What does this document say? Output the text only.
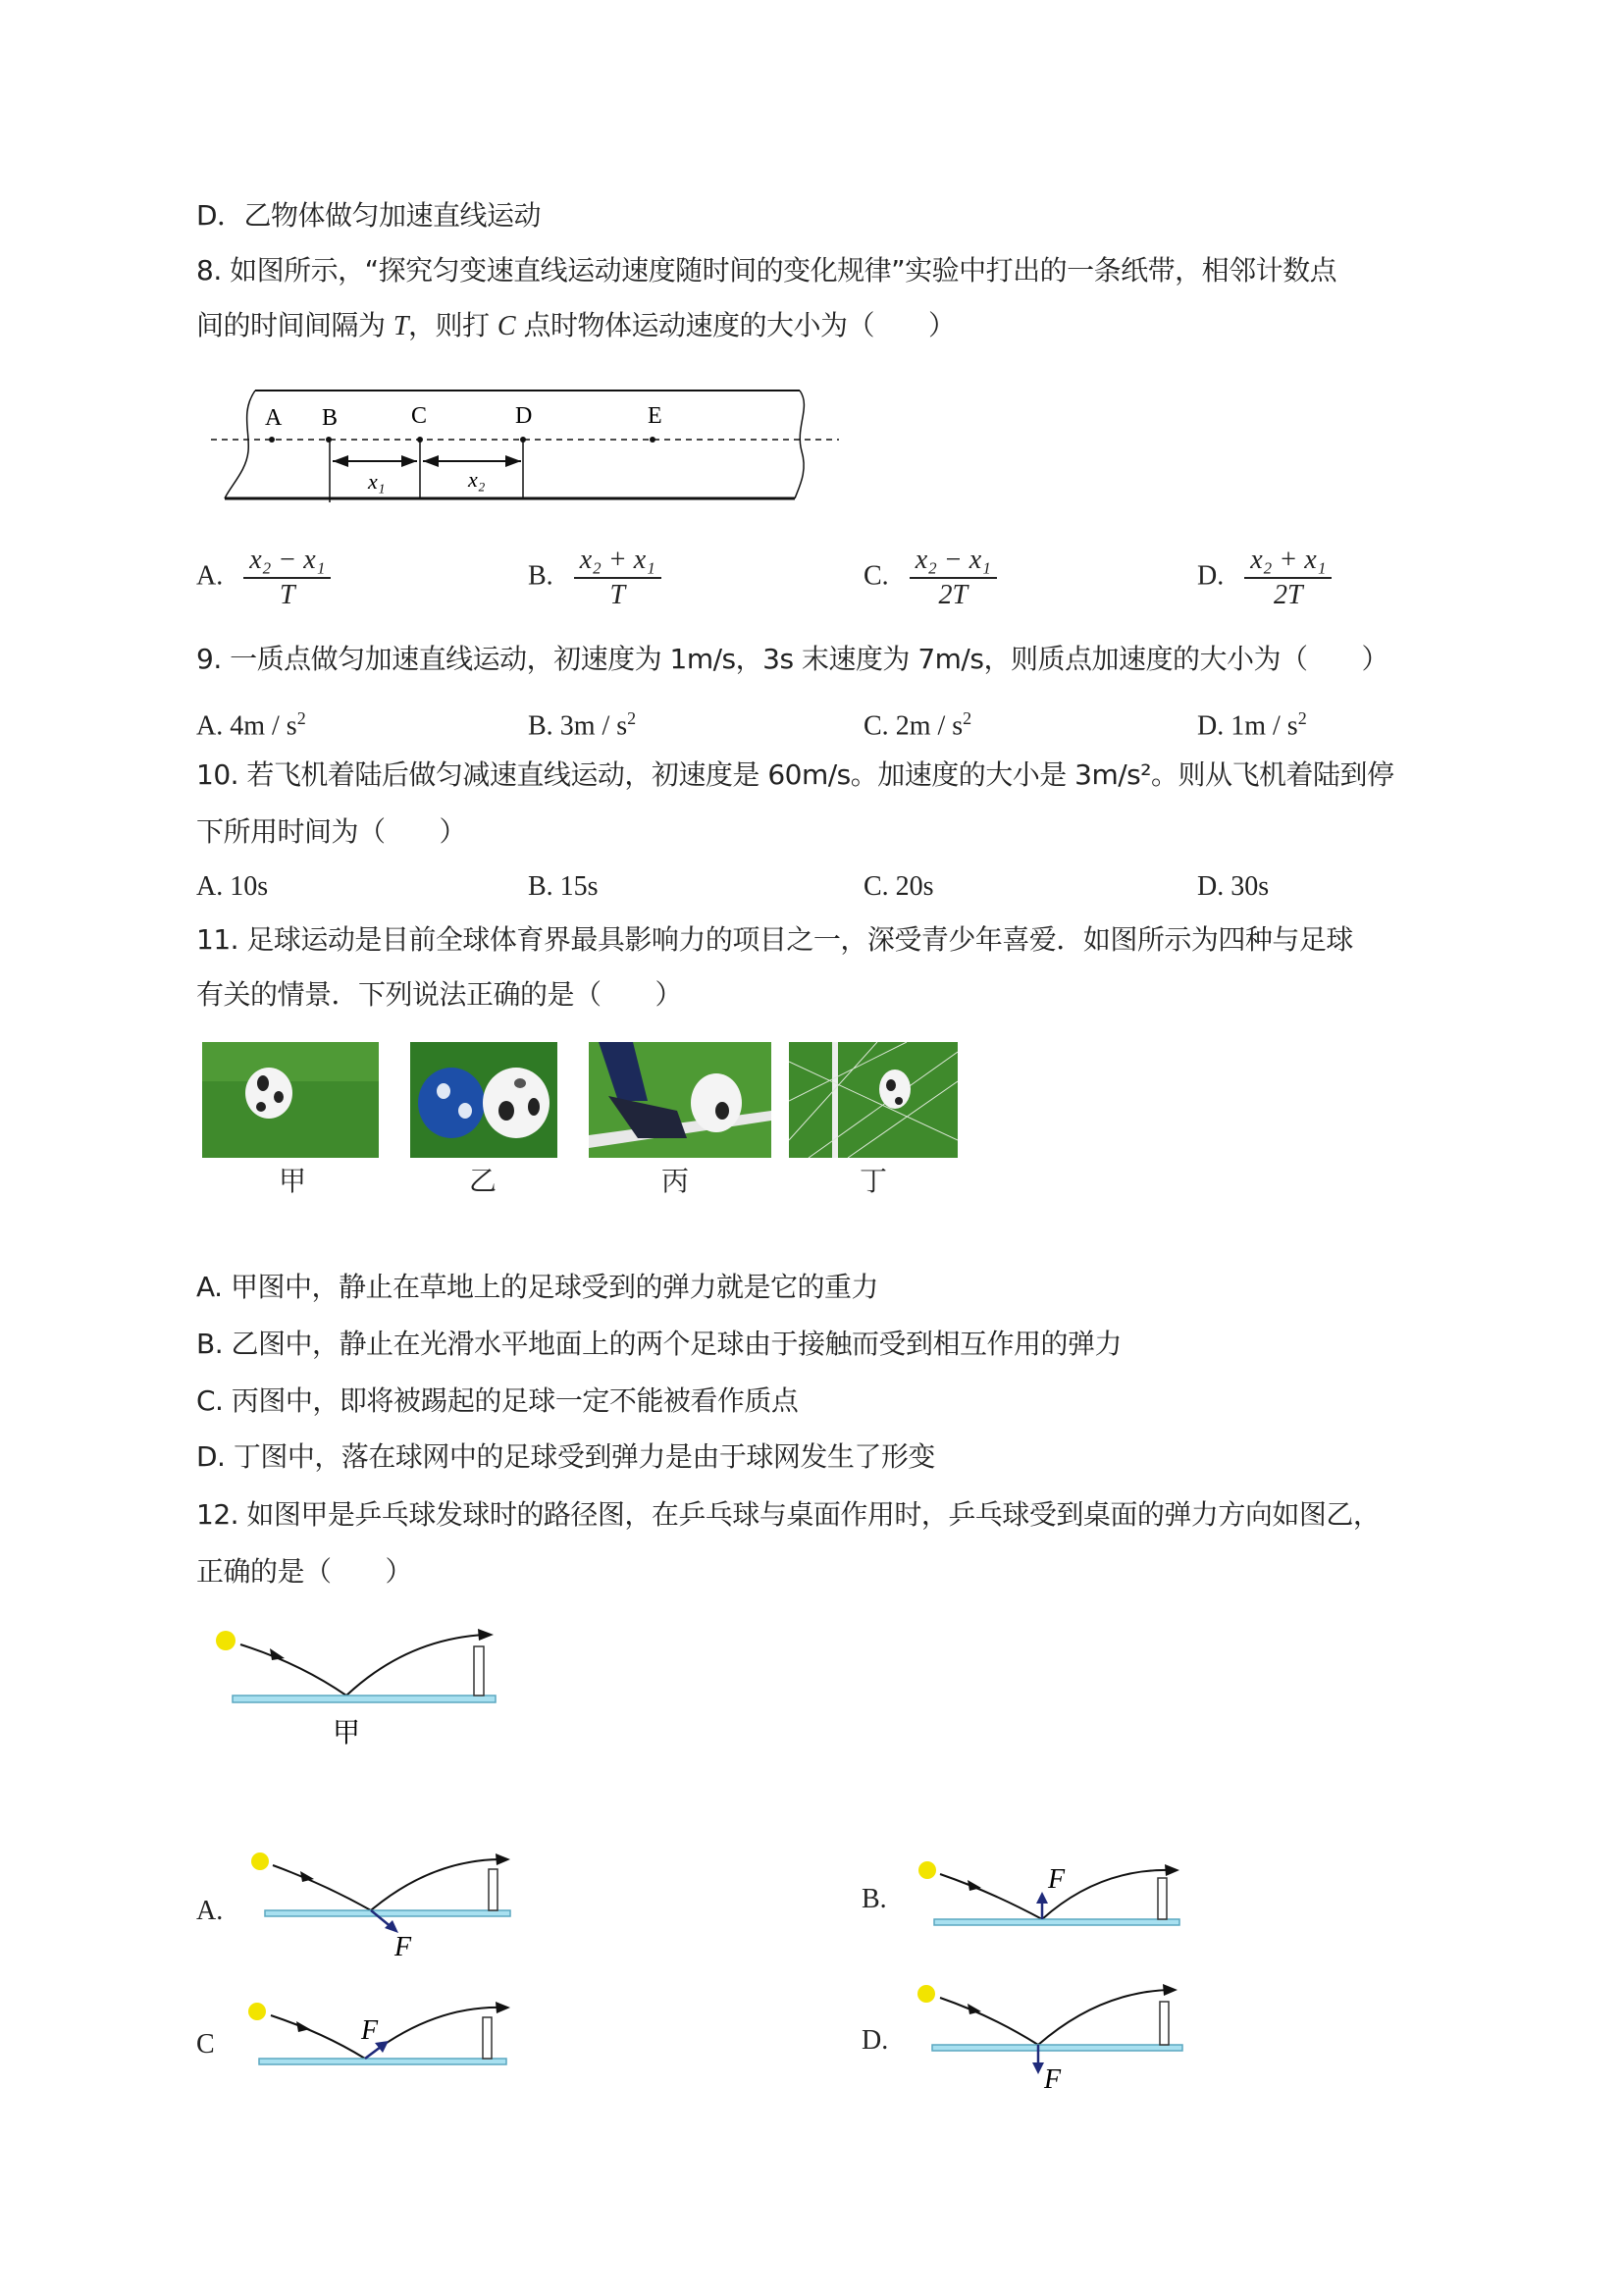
D．乙物体做匀加速直线运动
8. 如图所示，“探究匀变速直线运动速度随时间的变化规律”实验中打出的一条纸带，相邻计数点
间的时间间隔为 T，则打 C 点时物体运动速度的大小为（　　）
A B	C	D	E
x₁	x₂
A. $\frac{\text{x₂ − x₁}}{T}$	B. $\frac{\text{x₂ + x₁}}{T}$	C. $\frac{\text{x₂ − x₁}}{2T}$	D. $\frac{\text{x₂ + x₁}}{2T}$
9. 一质点做匀加速直线运动，初速度为 1m/s，3s 末速度为 7m/s，则质点加速度的大小为（　　）
A. $4m / s^2$	B. $3m / s^2$	C. $2m / s^2$	D. $1m / s^2$
10. 若飞机着陆后做匀减速直线运动，初速度是 60m/s。加速度的大小是 3m/s²。则从飞机着陆到停
下所用时间为（　　）
A. 10s	B. 15s	C. 20s	D. 30s
11. 足球运动是目前全球体育界最具影响力的项目之一，深受青少年喜爱．如图所示为四种与足球
有关的情景．下列说法正确的是（　　）
甲	乙	丙	丁
A. 甲图中，静止在草地上的足球受到的弹力就是它的重力
B. 乙图中，静止在光滑水平地面上的两个足球由于接触而受到相互作用的弹力
C. 丙图中，即将被踢起的足球一定不能被看作质点
D. 丁图中，落在球网中的足球受到弹力是由于球网发生了形变
12. 如图甲是乒乓球发球时的路径图，在乒乓球与桌面作用时，乒乓球受到桌面的弹力方向如图乙，
正确的是（　　）
甲
A.
F
B.
F
C	F	D.
F
